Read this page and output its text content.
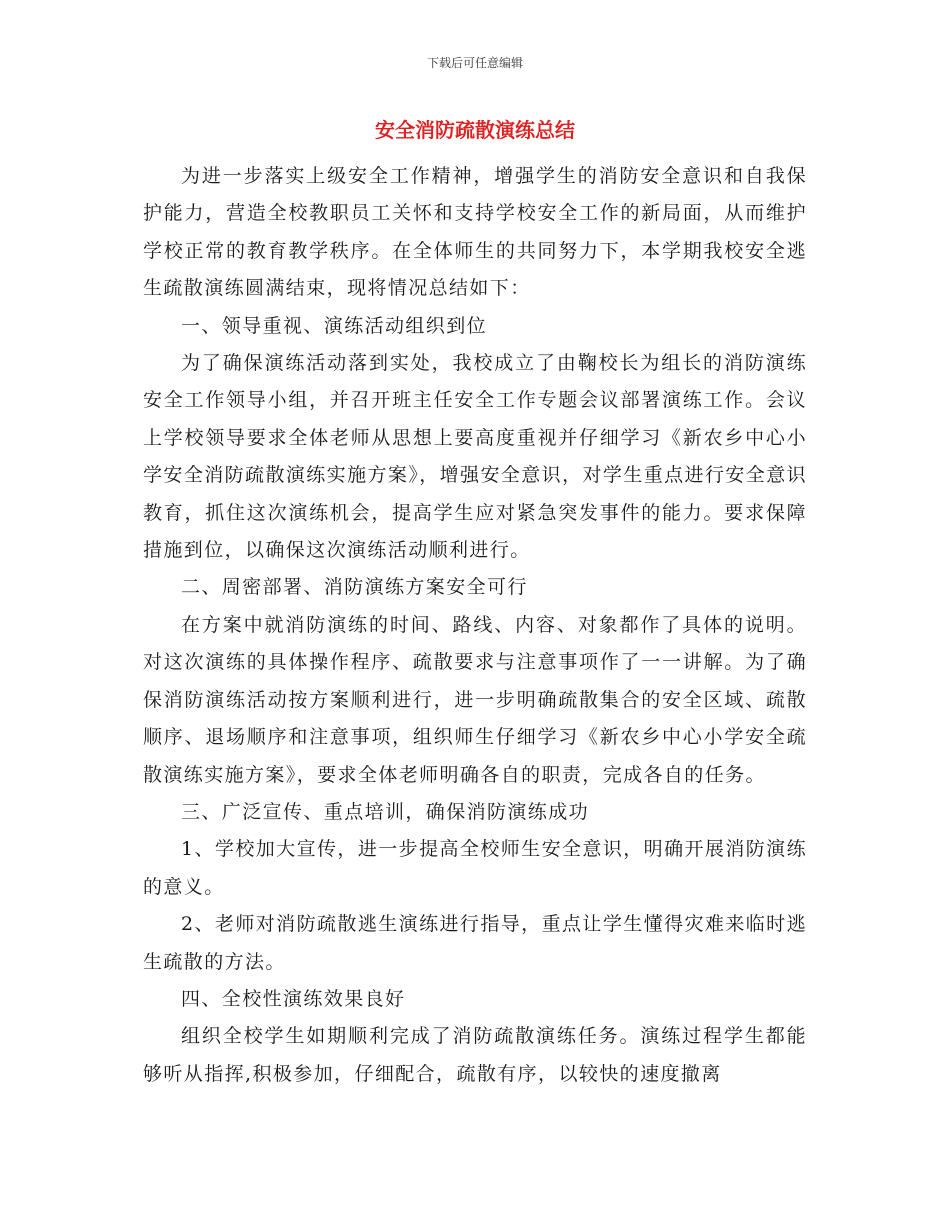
下载后可任意编辑
安全消防疏散演练总结

为进一步落实上级安全工作精神，增强学生的消防安全意识和自我保护能力，营造全校教职员工关怀和支持学校安全工作的新局面，从而维护学校正常的教育教学秩序。在全体师生的共同努力下，本学期我校安全逃生疏散演练圆满结束，现将情况总结如下：

一、领导重视、演练活动组织到位

为了确保演练活动落到实处，我校成立了由鞠校长为组长的消防演练安全工作领导小组，并召开班主任安全工作专题会议部署演练工作。会议上学校领导要求全体老师从思想上要高度重视并仔细学习《新农乡中心小学安全消防疏散演练实施方案》，增强安全意识，对学生重点进行安全意识教育，抓住这次演练机会，提高学生应对紧急突发事件的能力。要求保障措施到位，以确保这次演练活动顺利进行。

二、周密部署、消防演练方案安全可行

在方案中就消防演练的时间、路线、内容、对象都作了具体的说明。对这次演练的具体操作程序、疏散要求与注意事项作了一一讲解。为了确保消防演练活动按方案顺利进行，进一步明确疏散集合的安全区域、疏散顺序、退场顺序和注意事项，组织师生仔细学习《新农乡中心小学安全疏散演练实施方案》，要求全体老师明确各自的职责，完成各自的任务。

三、广泛宣传、重点培训，确保消防演练成功

1、学校加大宣传，进一步提高全校师生安全意识，明确开展消防演练的意义。

2、老师对消防疏散逃生演练进行指导，重点让学生懂得灾难来临时逃生疏散的方法。

四、全校性演练效果良好

组织全校学生如期顺利完成了消防疏散演练任务。演练过程学生都能够听从指挥,积极参加，仔细配合，疏散有序，以较快的速度撤离
